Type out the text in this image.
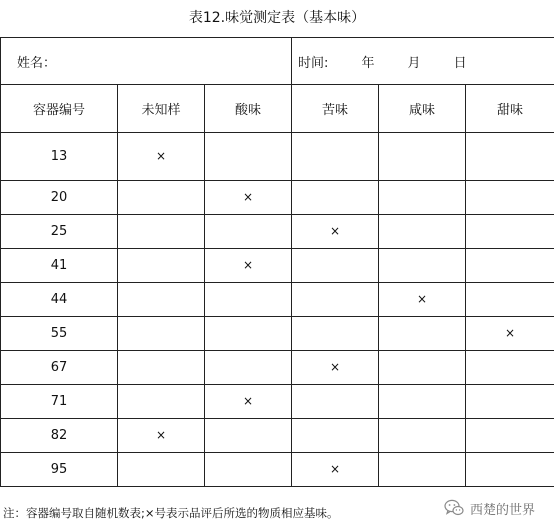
表12.味觉测定表（基本味）
姓名：			时间: 年 月 日		
容器编号	未知样	酸味	苦味	咸味	甜味
13	×				
20		×			
25			×		
41		×			
44				×	
55					×
67			×		
71		×			
82	×				
95			×		
注：容器编号取自随机数表;×号表示品评后所选的物质相应基味。	西楚的世界
